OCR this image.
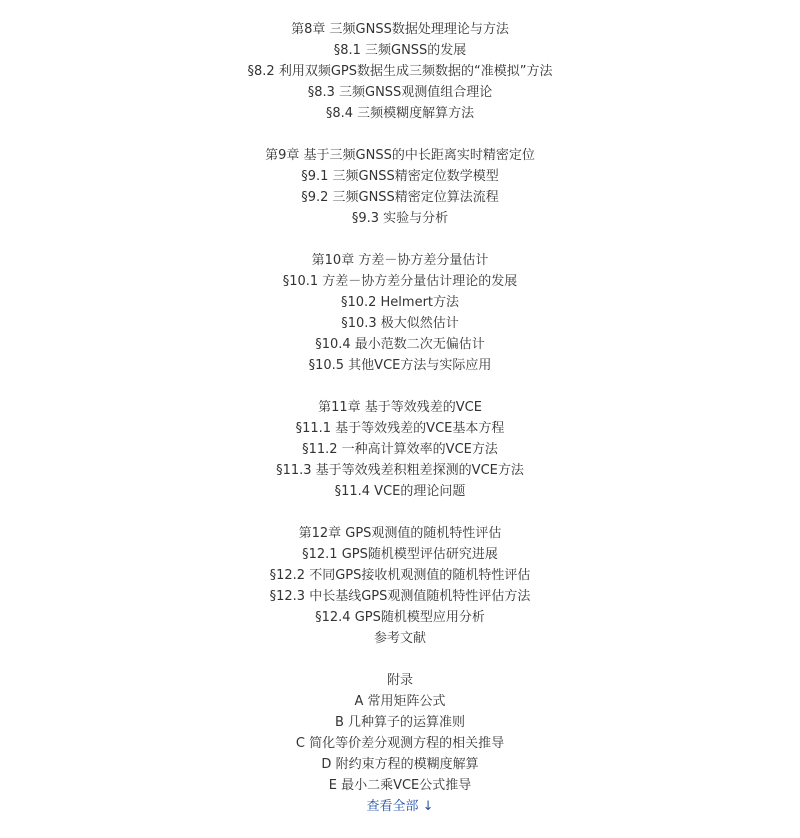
第8章 三频GNSS数据处理理论与方法
§8.1 三频GNSS的发展
§8.2 利用双频GPS数据生成三频数据的“准模拟”方法
§8.3 三频GNSS观测值组合理论
§8.4 三频模糊度解算方法
第9章 基于三频GNSS的中长距离实时精密定位
§9.1 三频GNSS精密定位数学模型
§9.2 三频GNSS精密定位算法流程
§9.3 实验与分析
第10章 方差－协方差分量估计
§10.1 方差－协方差分量估计理论的发展
§10.2 Helmert方法
§10.3 极大似然估计
§10.4 最小范数二次无偏估计
§10.5 其他VCE方法与实际应用
第11章 基于等效残差的VCE
§11.1 基于等效残差的VCE基本方程
§11.2 一种高计算效率的VCE方法
§11.3 基于等效残差积粗差探测的VCE方法
§11.4 VCE的理论问题
第12章 GPS观测值的随机特性评估
§12.1 GPS随机模型评估研究进展
§12.2 不同GPS接收机观测值的随机特性评估
§12.3 中长基线GPS观测值随机特性评估方法
§12.4 GPS随机模型应用分析
参考文献
附录
A 常用矩阵公式
B 几种算子的运算准则
C 简化等价差分观测方程的相关推导
D 附约束方程的模糊度解算
E 最小二乘VCE公式推导
查看全部 ↓
